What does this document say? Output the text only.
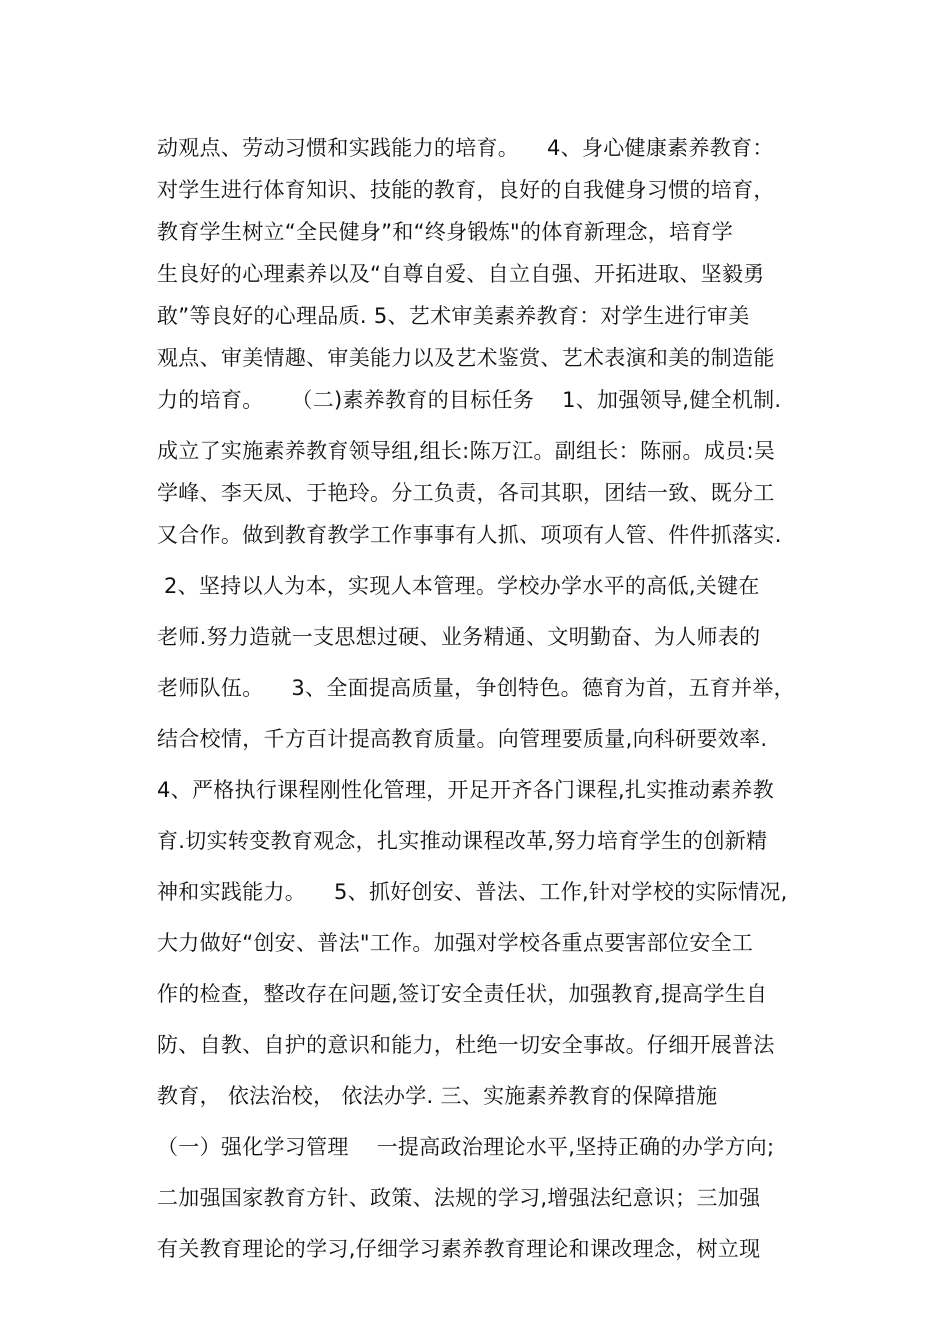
动观点、劳动习惯和实践能力的培育。    4、身心健康素养教育：
对学生进行体育知识、技能的教育，良好的自我健身习惯的培育，
教育学生树立“全民健身”和“终身锻炼"的体育新理念，培育学
生良好的心理素养以及“自尊自爱、自立自强、开拓进取、坚毅勇
敢”等良好的心理品质. 5、艺术审美素养教育：对学生进行审美
观点、审美情趣、审美能力以及艺术鉴赏、艺术表演和美的制造能
力的培育。    （二)素养教育的目标任务    1、加强领导,健全机制.
成立了实施素养教育领导组,组长:陈万江。副组长：陈丽。成员:吴
学峰、李天凤、于艳玲。分工负责，各司其职，团结一致、既分工
又合作。做到教育教学工作事事有人抓、项项有人管、件件抓落实.
2、坚持以人为本，实现人本管理。学校办学水平的高低,关键在
老师.努力造就一支思想过硬、业务精通、文明勤奋、为人师表的
老师队伍。    3、全面提高质量，争创特色。德育为首，五育并举，
结合校情，千方百计提高教育质量。向管理要质量,向科研要效率.
4、严格执行课程刚性化管理，开足开齐各门课程,扎实推动素养教
育.切实转变教育观念，扎实推动课程改革,努力培育学生的创新精
神和实践能力。    5、抓好创安、普法、工作,针对学校的实际情况,
大力做好“创安、普法"工作。加强对学校各重点要害部位安全工
作的检查，整改存在问题,签订安全责任状，加强教育,提高学生自
防、自教、自护的意识和能力，杜绝一切安全事故。仔细开展普法
教育， 依法治校， 依法办学. 三、实施素养教育的保障措施
（一）强化学习管理    一提高政治理论水平,坚持正确的办学方向;
二加强国家教育方针、政策、法规的学习,增强法纪意识；三加强
有关教育理论的学习,仔细学习素养教育理论和课改理念，树立现
